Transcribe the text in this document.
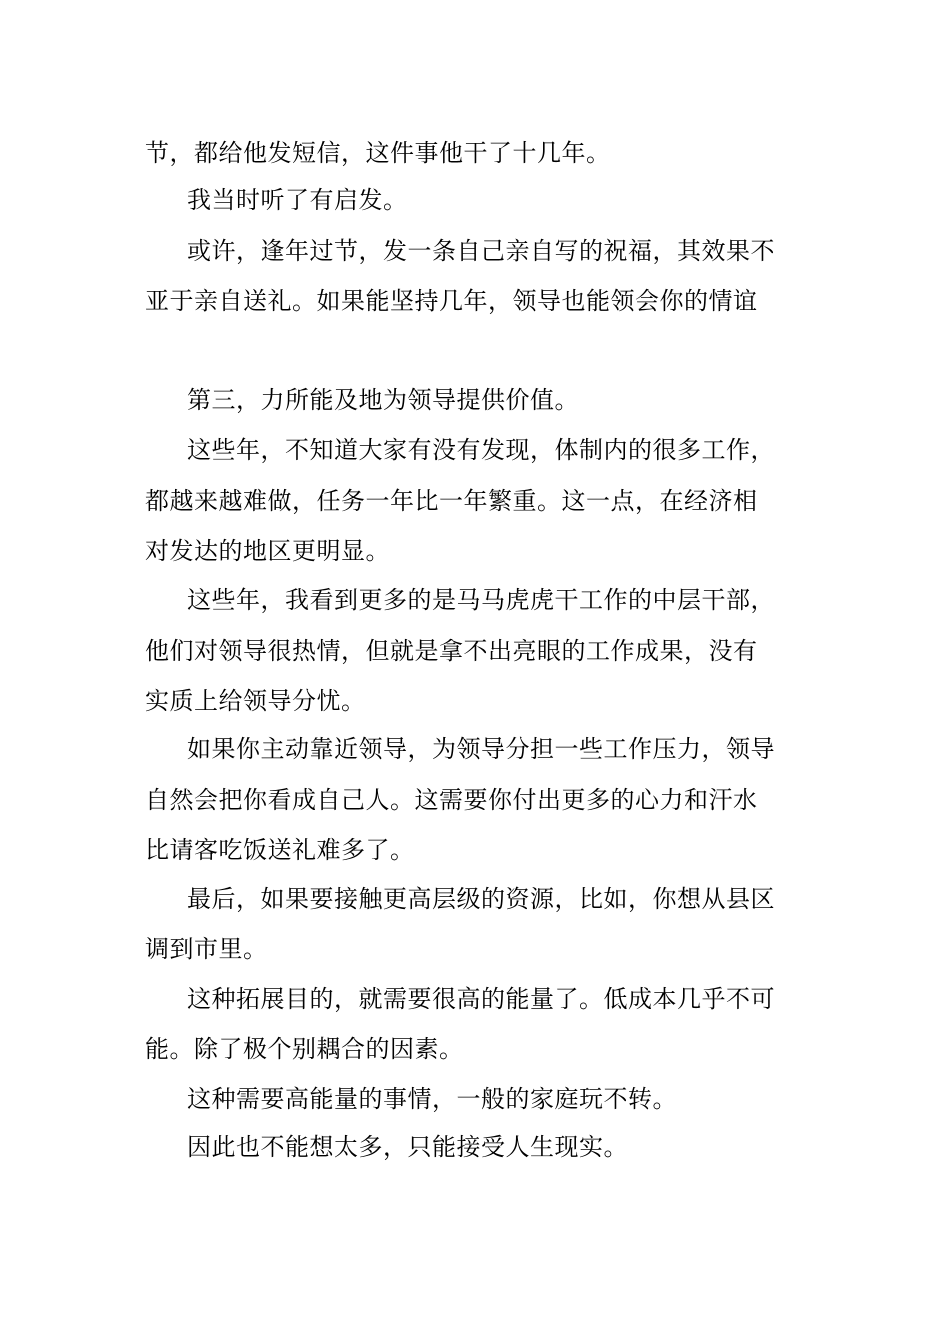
节，都给他发短信，这件事他干了十几年。
我当时听了有启发。
或许，逢年过节，发一条自己亲自写的祝福，其效果不
亚于亲自送礼。如果能坚持几年，领导也能领会你的情谊
第三，力所能及地为领导提供价值。
这些年，不知道大家有没有发现，体制内的很多工作，
都越来越难做，任务一年比一年繁重。这一点，在经济相
对发达的地区更明显。
这些年，我看到更多的是马马虎虎干工作的中层干部，
他们对领导很热情，但就是拿不出亮眼的工作成果，没有
实质上给领导分忧。
如果你主动靠近领导，为领导分担一些工作压力，领导
自然会把你看成自己人。这需要你付出更多的心力和汗水
比请客吃饭送礼难多了。
最后，如果要接触更高层级的资源，比如，你想从县区
调到市里。
这种拓展目的，就需要很高的能量了。低成本几乎不可
能。除了极个别耦合的因素。
这种需要高能量的事情，一般的家庭玩不转。
因此也不能想太多，只能接受人生现实。
